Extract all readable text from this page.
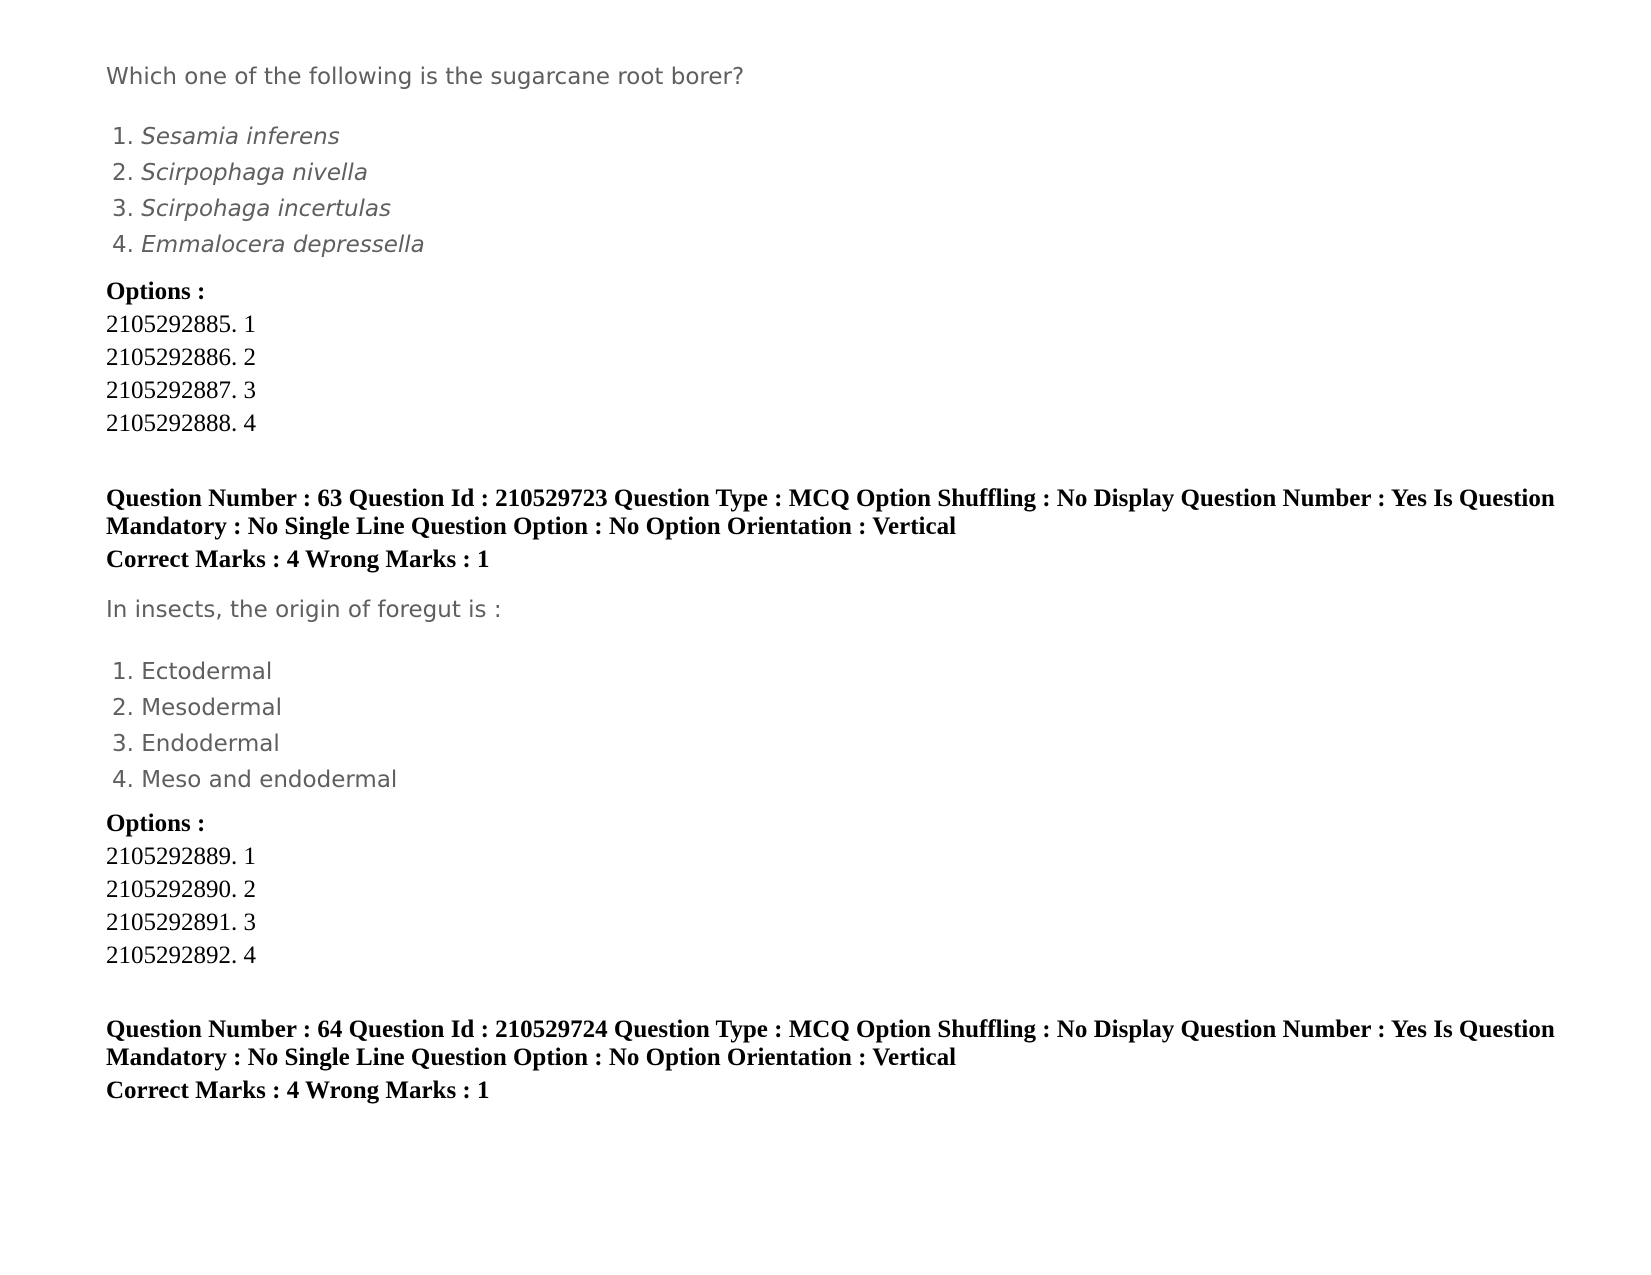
Which one of the following is the sugarcane root borer?
1. Sesamia inferens
2. Scirpophaga nivella
3. Scirpohaga incertulas
4. Emmalocera depressella
Options :
2105292885. 1
2105292886. 2
2105292887. 3
2105292888. 4
Question Number : 63 Question Id : 210529723 Question Type : MCQ Option Shuffling : No Display Question Number : Yes Is Question Mandatory : No Single Line Question Option : No Option Orientation : Vertical
Correct Marks : 4 Wrong Marks : 1
In insects, the origin of foregut is :
1. Ectodermal
2. Mesodermal
3. Endodermal
4. Meso and endodermal
Options :
2105292889. 1
2105292890. 2
2105292891. 3
2105292892. 4
Question Number : 64 Question Id : 210529724 Question Type : MCQ Option Shuffling : No Display Question Number : Yes Is Question Mandatory : No Single Line Question Option : No Option Orientation : Vertical
Correct Marks : 4 Wrong Marks : 1
